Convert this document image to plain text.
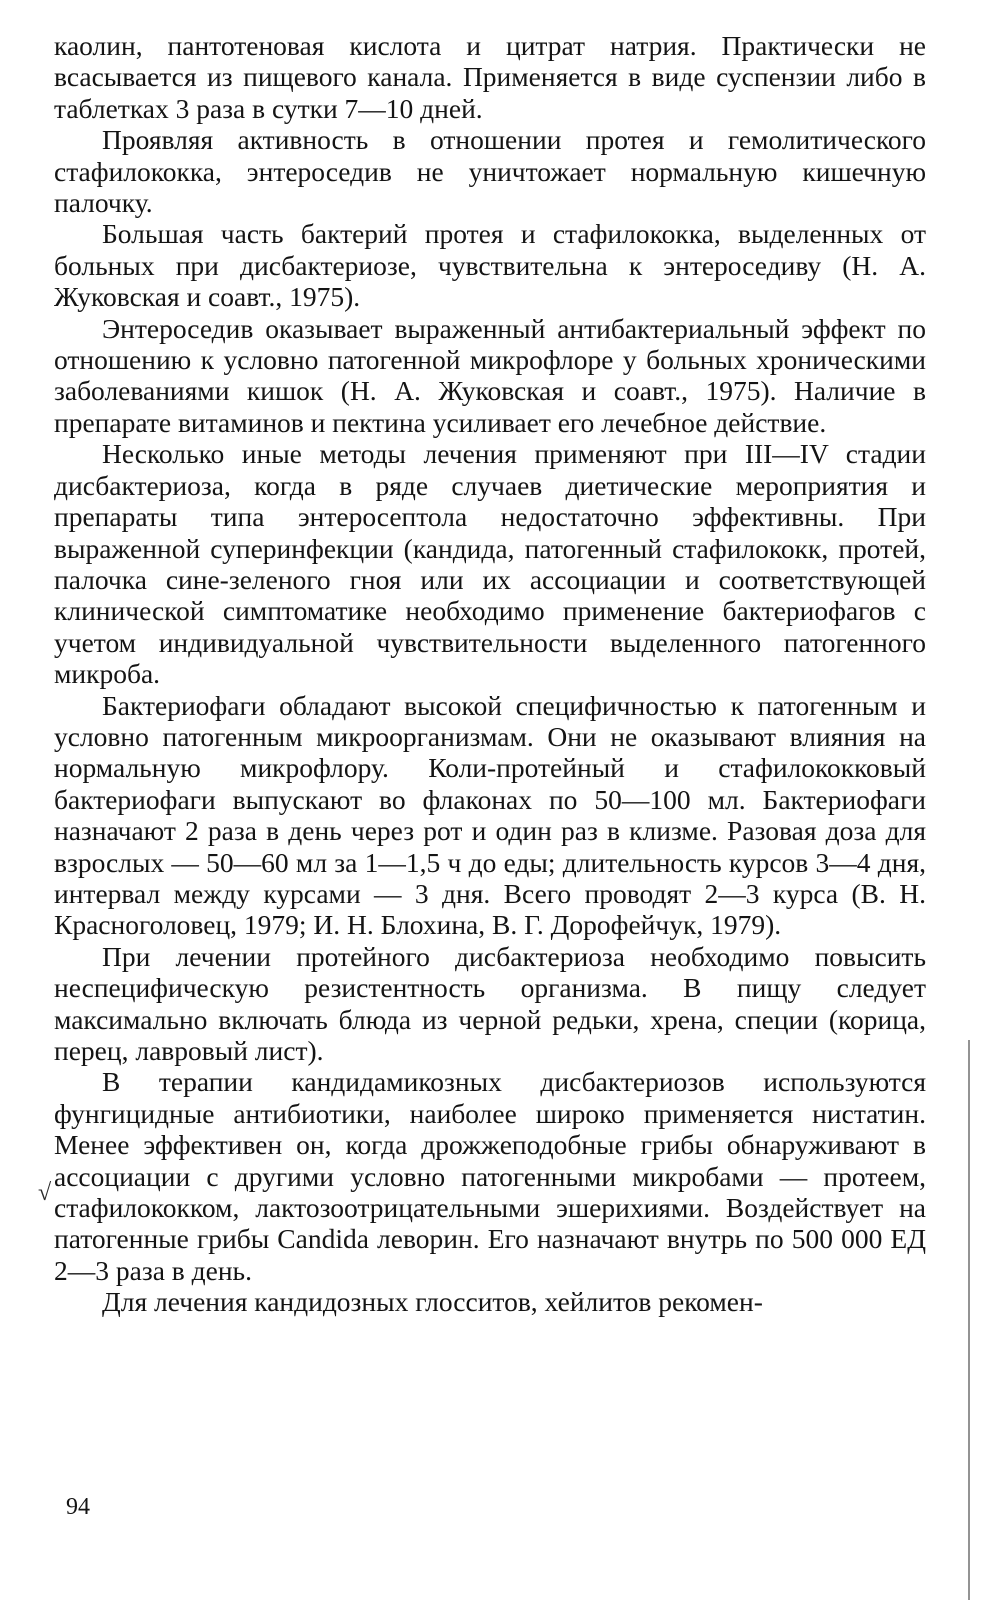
каолин, пантотеновая кислота и цитрат натрия. Практически не всасывается из пищевого канала. Применяется в виде суспензии либо в таблетках 3 раза в сутки 7—10 дней.

Проявляя активность в отношении протея и гемолитического стафилококка, энтероседив не уничтожает нормальную кишечную палочку.

Большая часть бактерий протея и стафилококка, выделенных от больных при дисбактериозе, чувствительна к энтероседиву (Н. А. Жуковская и соавт., 1975).

Энтероседив оказывает выраженный антибактериальный эффект по отношению к условно патогенной микрофлоре у больных хроническими заболеваниями кишок (Н. А. Жуковская и соавт., 1975). Наличие в препарате витаминов и пектина усиливает его лечебное действие.

Несколько иные методы лечения применяют при III—IV стадии дисбактериоза, когда в ряде случаев диетические мероприятия и препараты типа энтеросептола недостаточно эффективны. При выраженной суперинфекции (кандида, патогенный стафилококк, протей, палочка сине-зеленого гноя или их ассоциации и соответствующей клинической симптоматике необходимо применение бактериофагов с учетом индивидуальной чувствительности выделенного патогенного микроба.

Бактериофаги обладают высокой специфичностью к патогенным и условно патогенным микроорганизмам. Они не оказывают влияния на нормальную микрофлору. Коли-протейный и стафилококковый бактериофаги выпускают во флаконах по 50—100 мл. Бактериофаги назначают 2 раза в день через рот и один раз в клизме. Разовая доза для взрослых — 50—60 мл за 1—1,5 ч до еды; длительность курсов 3—4 дня, интервал между курсами — 3 дня. Всего проводят 2—3 курса (В. Н. Красноголовец, 1979; И. Н. Блохина, В. Г. Дорофейчук, 1979).

При лечении протейного дисбактериоза необходимо повысить неспецифическую резистентность организма. В пищу следует максимально включать блюда из черной редьки, хрена, специи (корица, перец, лавровый лист).

В терапии кандидамикозных дисбактериозов используются фунгицидные антибиотики, наиболее широко применяется нистатин. Менее эффективен он, когда дрожжеподобные грибы обнаруживают в ассоциации с другими условно патогенными микробами — протеем, стафилококком, лактозоотрицательными эшерихиями. Воздействует на патогенные грибы Candida леворин. Его назначают внутрь по 500 000 ЕД 2—3 раза в день.

Для лечения кандидозных глосситов, хейлитов рекомен-

√
94
